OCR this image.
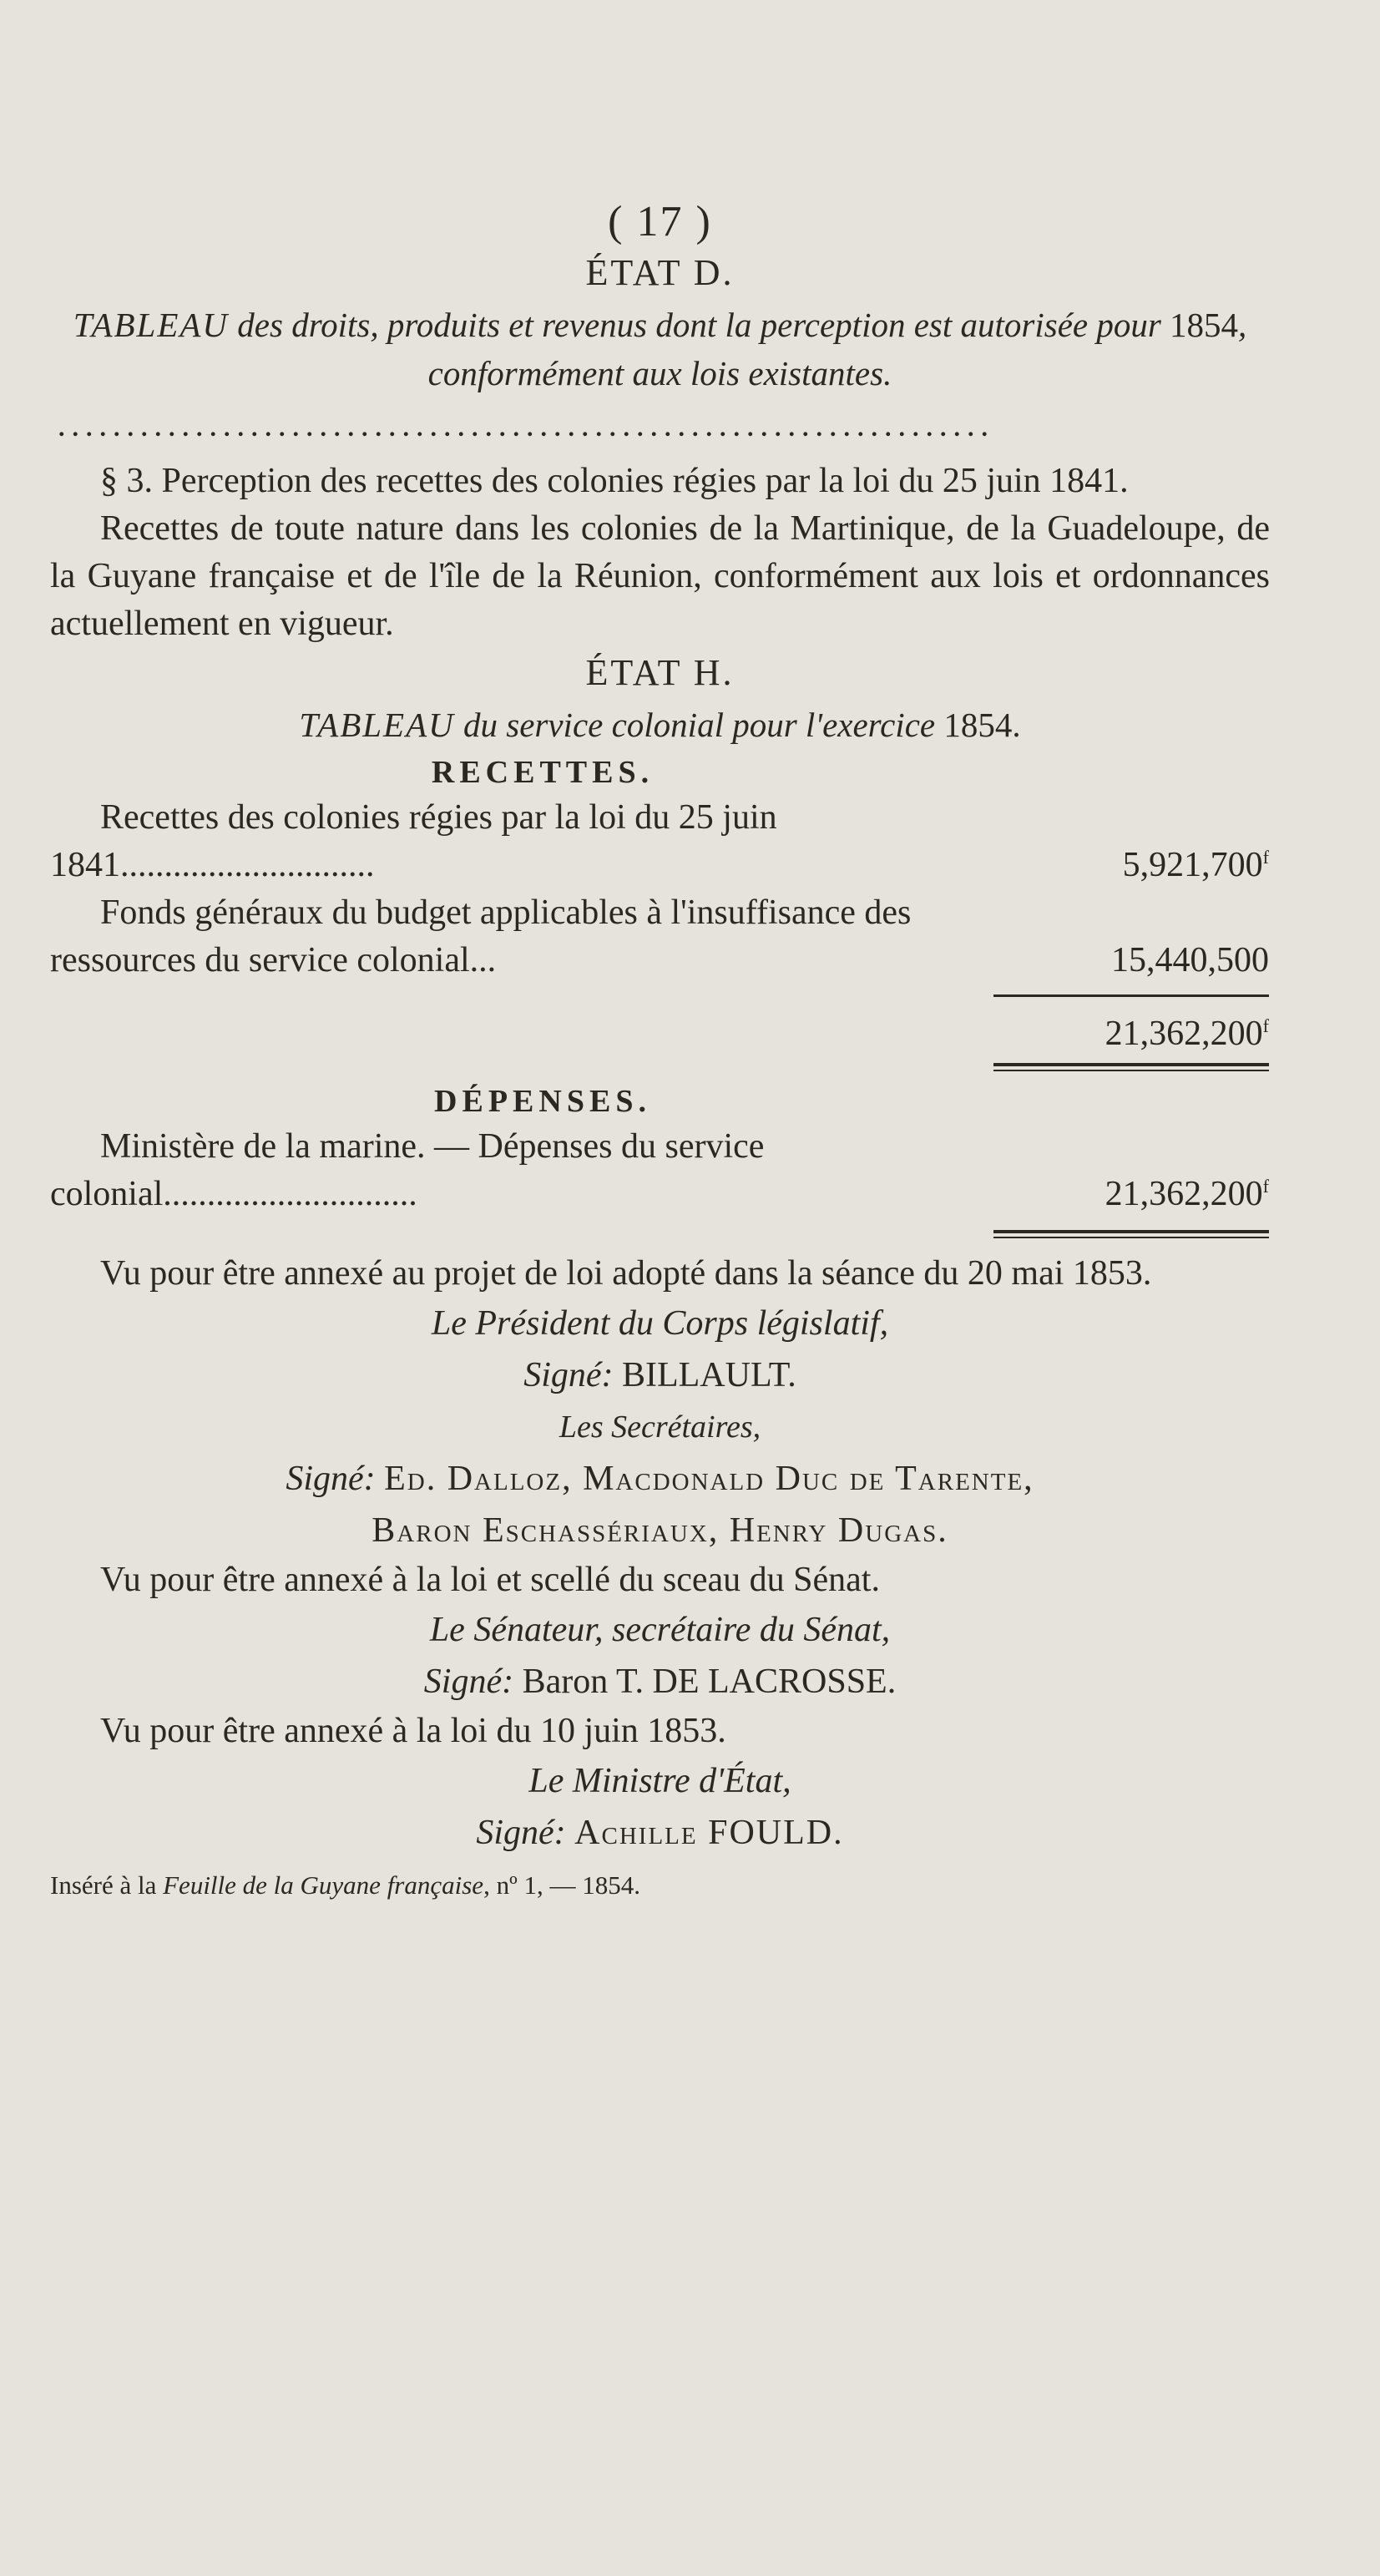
( 17 )
ÉTAT D.
TABLEAU des droits, produits et revenus dont la perception est autorisée pour 1854, conformément aux lois existantes.
....................................................................
§ 3. Perception des recettes des colonies régies par la loi du 25 juin 1841.
Recettes de toute nature dans les colonies de la Martinique, de la Guadeloupe, de la Guyane française et de l'île de la Réunion, conformément aux lois et ordonnances actuellement en vigueur.
ÉTAT H.
TABLEAU du service colonial pour l'exercice 1854.
RECETTES.
Recettes des colonies régies par la loi du 25 juin 1841.............................	5,921,700$^f$
Fonds généraux du budget applicables à l'insuffisance des ressources du service colonial...	15,440,500
21,362,200$^f$
DÉPENSES.
Ministère de la marine. — Dépenses du service colonial.............................	21,362,200$^f$
Vu pour être annexé au projet de loi adopté dans la séance du 20 mai 1853.
Le Président du Corps législatif,
Signé: BILLAULT.
Les Secrétaires,
Signé: Ed. Dalloz, Macdonald Duc de Tarente,
Baron Eschassériaux, Henry Dugas.
Vu pour être annexé à la loi et scellé du sceau du Sénat.
Le Sénateur, secrétaire du Sénat,
Signé: Baron T. DE LACROSSE.
Vu pour être annexé à la loi du 10 juin 1853.
Le Ministre d'État,
Signé: Achille FOULD.
Inséré à la Feuille de la Guyane française, nº 1, — 1854.
